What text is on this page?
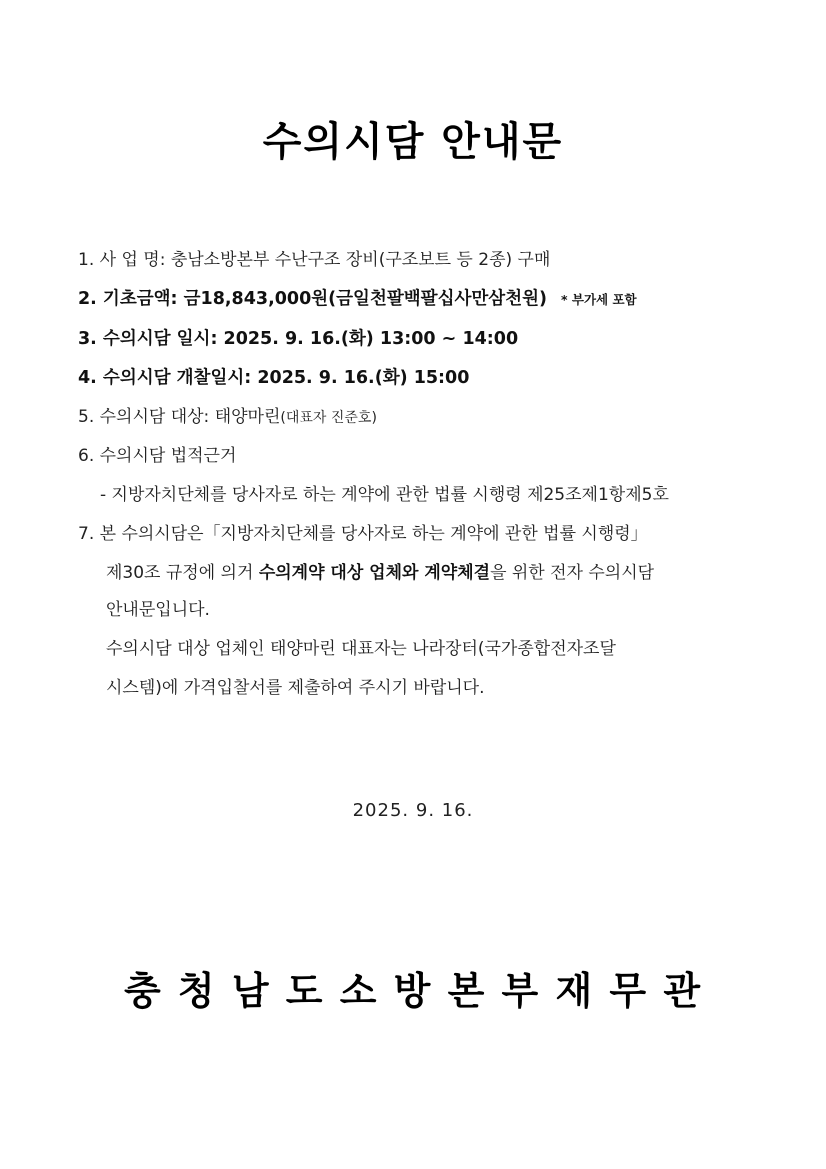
수의시담 안내문
1. 사 업 명: 충남소방본부 수난구조 장비(구조보트 등 2종) 구매
2. 기초금액: 금18,843,000원(금일천팔백팔십사만삼천원) * 부가세 포함
3. 수의시담 일시: 2025. 9. 16.(화) 13:00 ~ 14:00
4. 수의시담 개찰일시: 2025. 9. 16.(화) 15:00
5. 수의시담 대상: 태양마린(대표자 진준호)
6. 수의시담 법적근거
- 지방자치단체를 당사자로 하는 계약에 관한 법률 시행령 제25조제1항제5호
7. 본 수의시담은「지방자치단체를 당사자로 하는 계약에 관한 법률 시행령」
제30조 규정에 의거 수의계약 대상 업체와 계약체결을 위한 전자 수의시담
안내문입니다.
수의시담 대상 업체인 태양마린 대표자는 나라장터(국가종합전자조달
시스템)에 가격입찰서를 제출하여 주시기 바랍니다.
2025. 9. 16.
충 청 남 도 소 방 본 부 재 무 관
